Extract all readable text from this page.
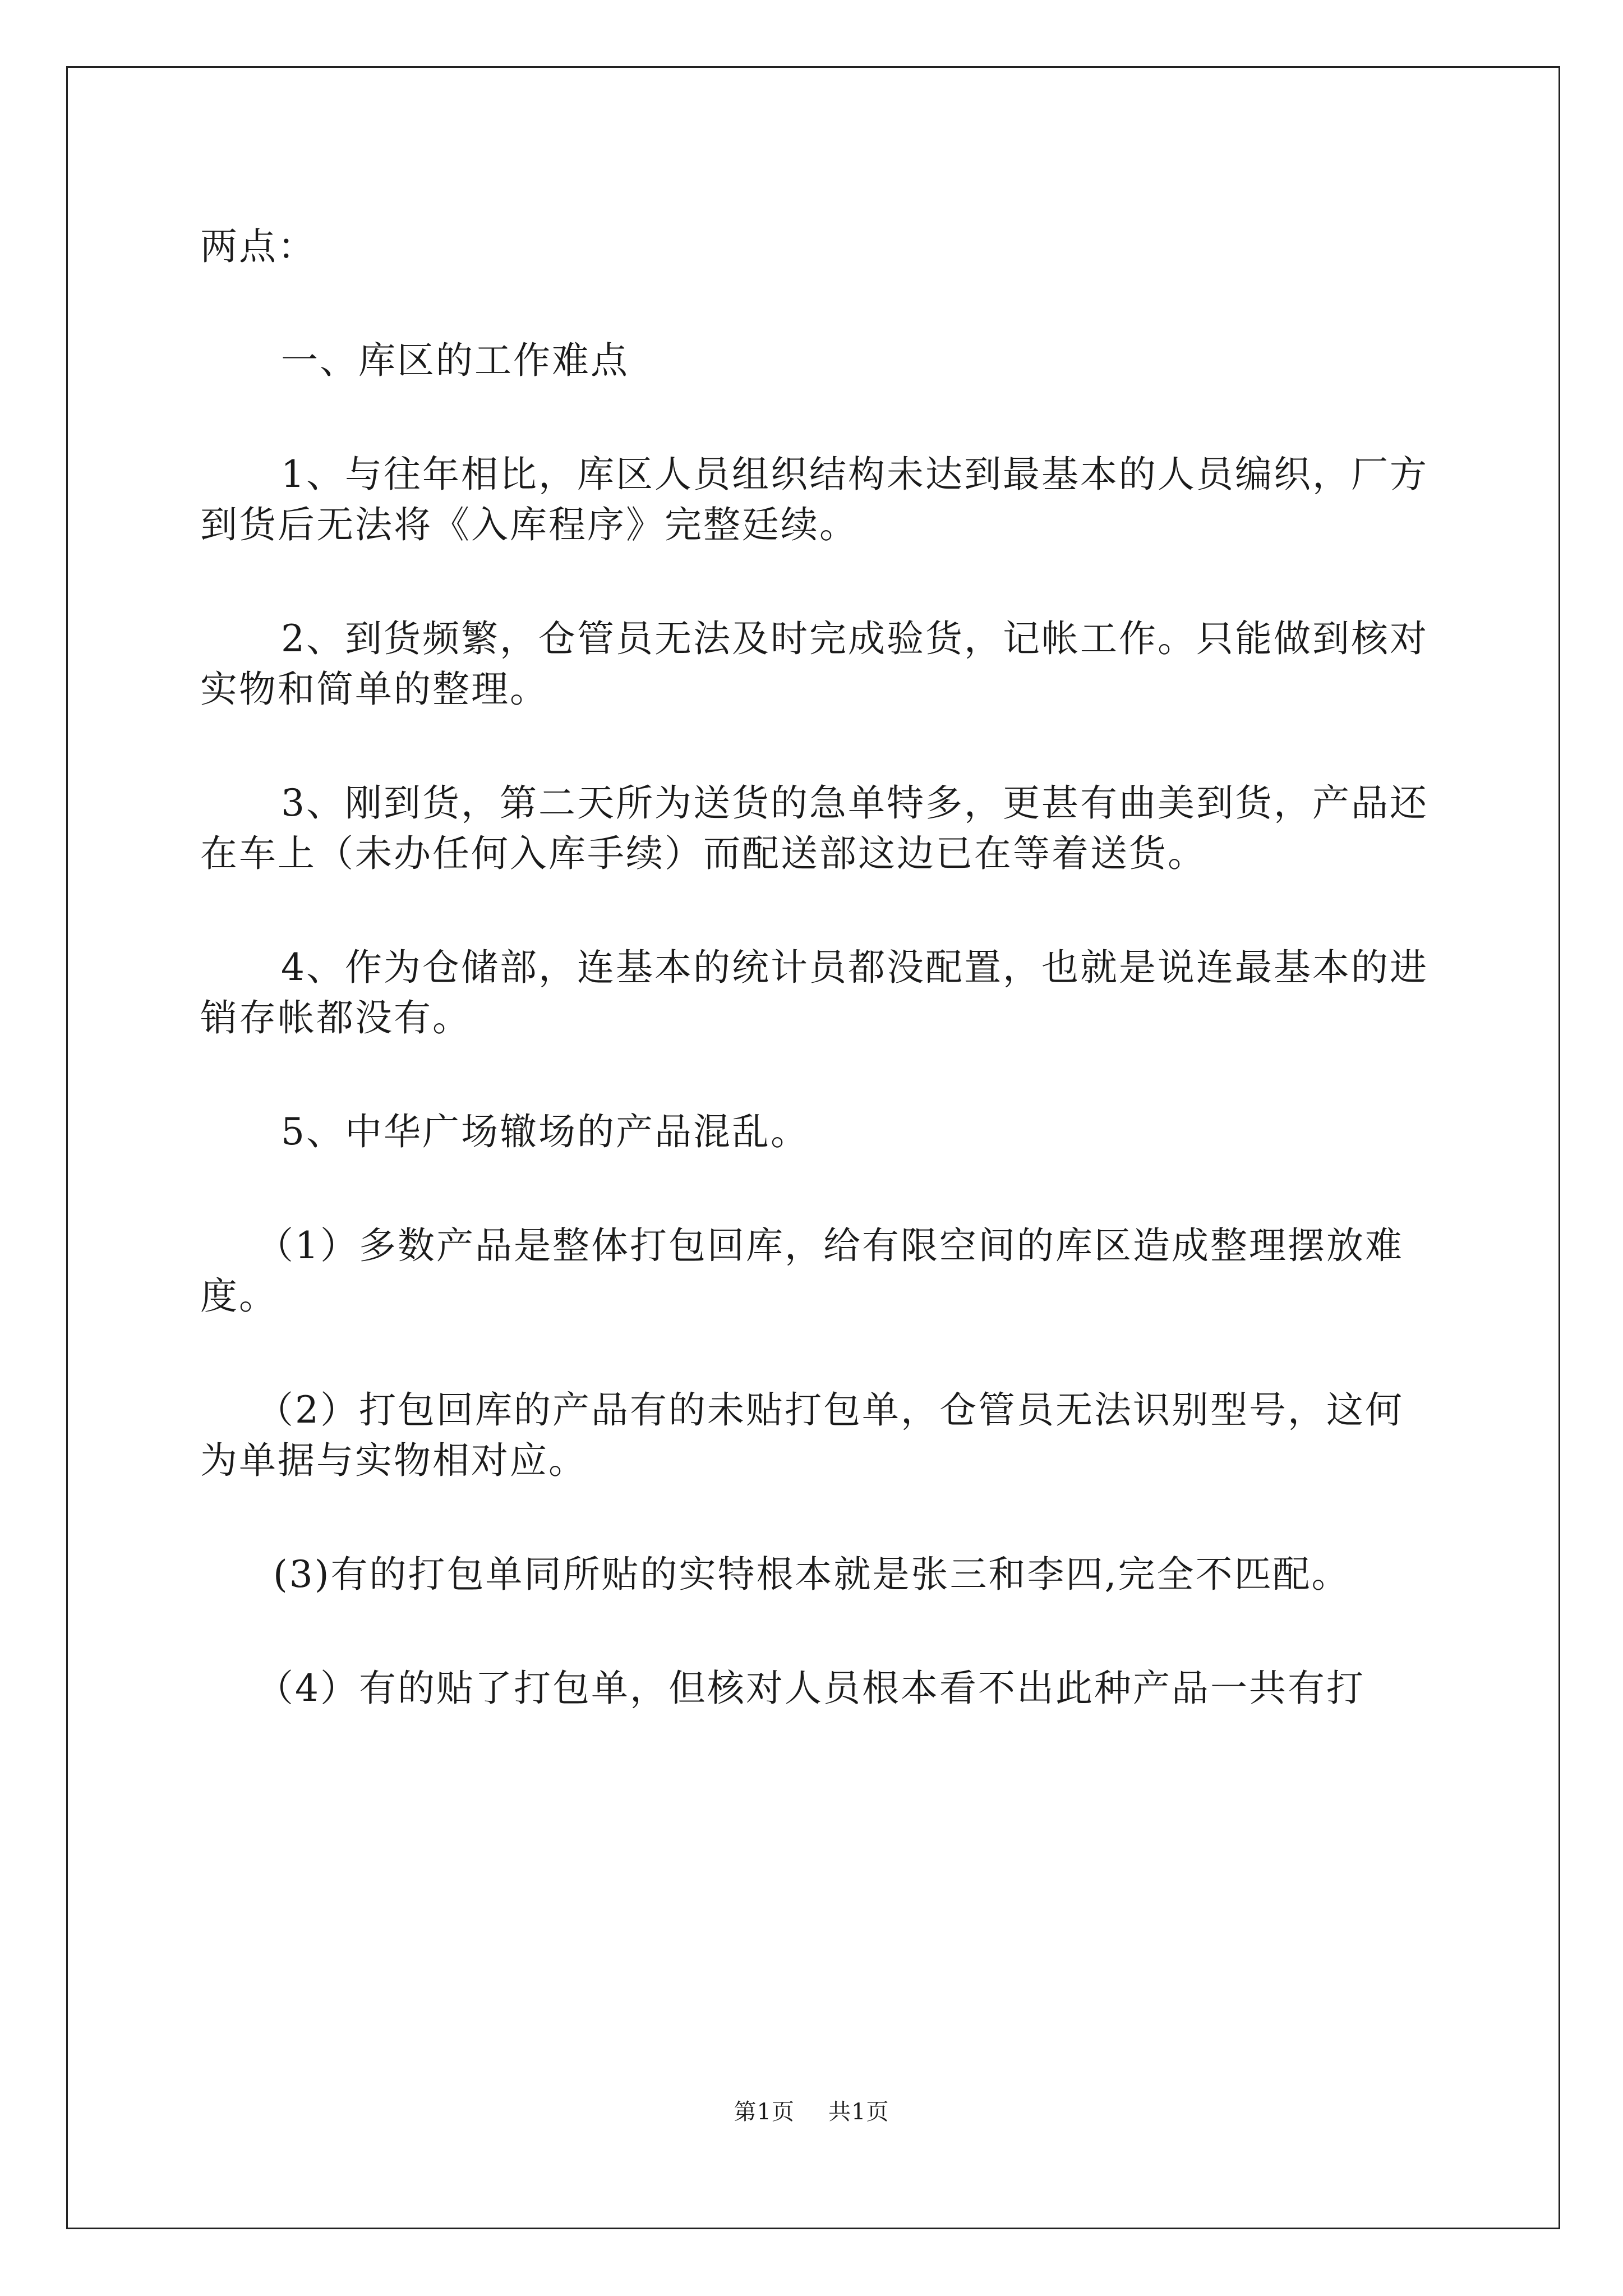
两点：

一、库区的工作难点

1、与往年相比，库区人员组织结构未达到最基本的人员编织，厂方到货后无法将《入库程序》完整廷续。

2、到货频繁，仓管员无法及时完成验货，记帐工作。只能做到核对实物和简单的整理。

3、刚到货，第二天所为送货的急单特多，更甚有曲美到货，产品还在车上（未办任何入库手续）而配送部这边已在等着送货。

4、作为仓储部，连基本的统计员都没配置，也就是说连最基本的进销存帐都没有。

5、中华广场辙场的产品混乱。

（1）多数产品是整体打包回库，给有限空间的库区造成整理摆放难度。

（2）打包回库的产品有的未贴打包单，仓管员无法识别型号，这何为单据与实物相对应。

(3)有的打包单同所贴的实特根本就是张三和李四,完全不匹配。

（4）有的贴了打包单，但核对人员根本看不出此种产品一共有打

第1页 共1页
